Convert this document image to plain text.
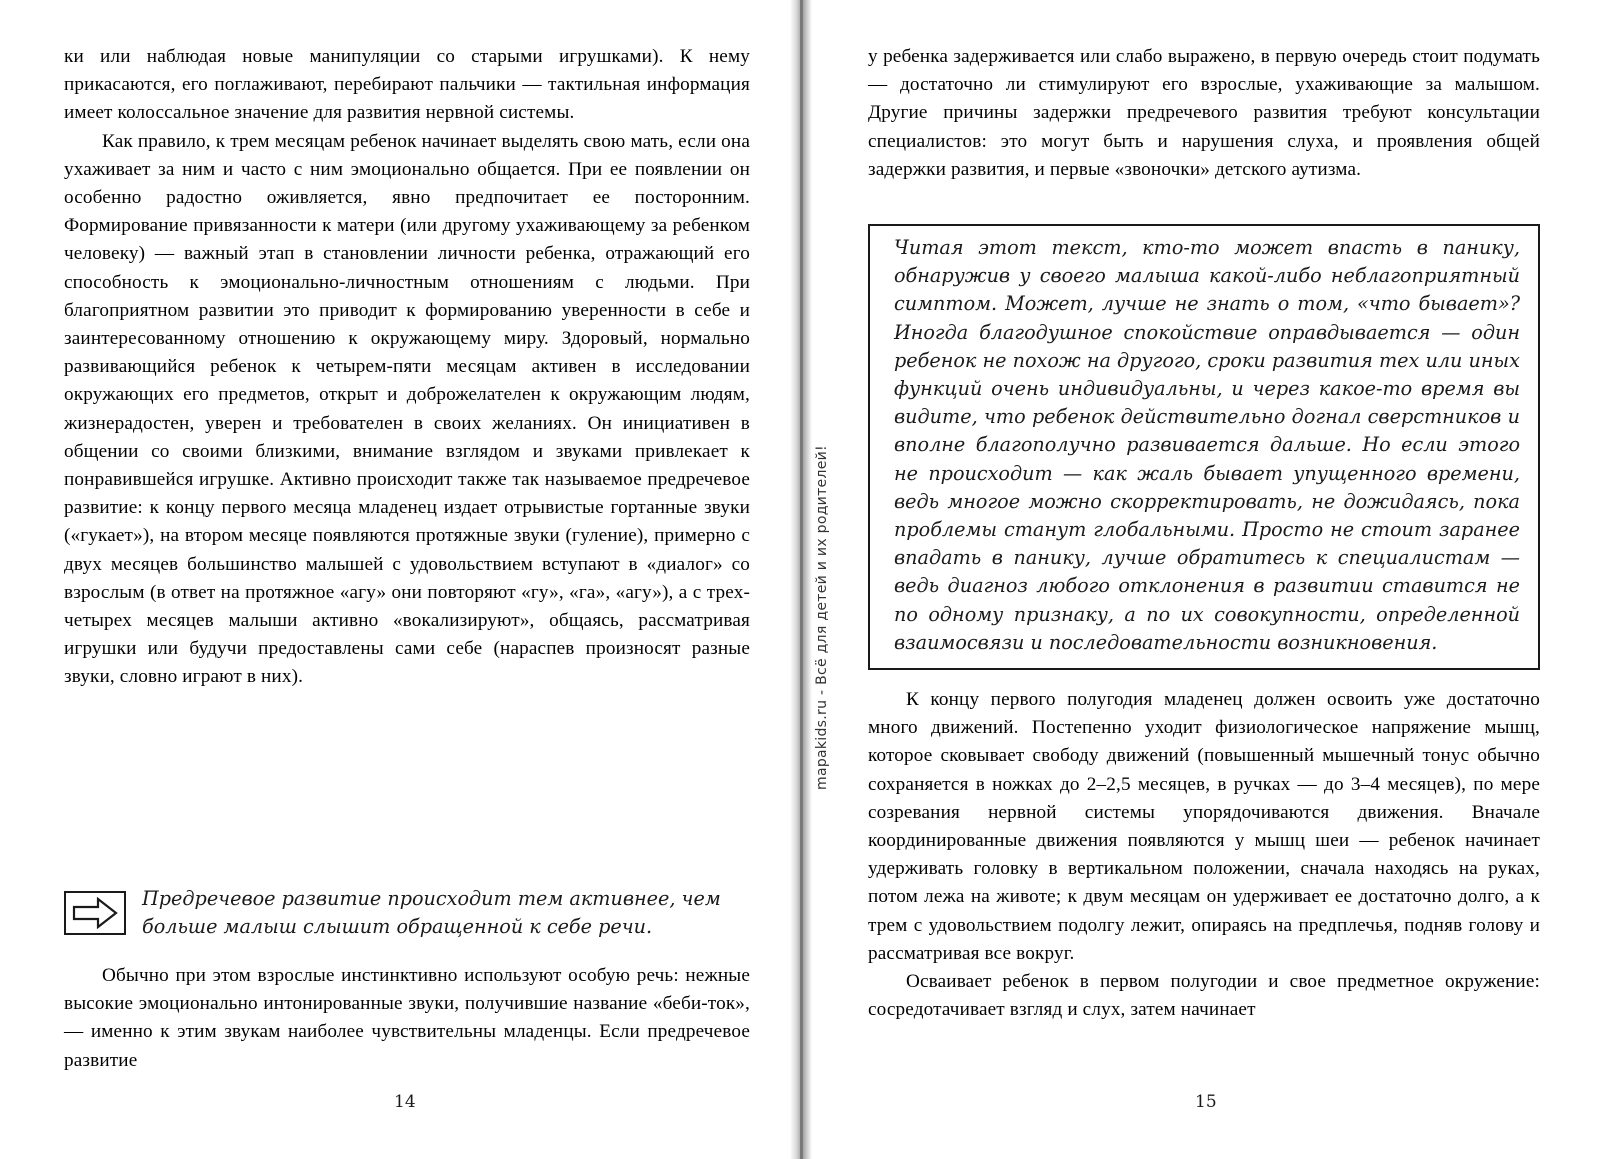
ки или наблюдая новые манипуляции со старыми игрушками). К нему прикасаются, его поглаживают, перебирают пальчики — тактильная информация имеет колоссальное значение для развития нервной системы.

Как правило, к трем месяцам ребенок начинает выделять свою мать, если она ухаживает за ним и часто с ним эмоционально общается. При ее появлении он особенно радостно оживляется, явно предпочитает ее посторонним. Формирование привязанности к матери (или другому ухаживающему за ребенком человеку) — важный этап в становлении личности ребенка, отражающий его способность к эмоционально-личностным отношениям с людьми. При благоприятном развитии это приводит к формированию уверенности в себе и заинтересованному отношению к окружающему миру. Здоровый, нормально развивающийся ребенок к четырем-пяти месяцам активен в исследовании окружающих его предметов, открыт и доброжелателен к окружающим людям, жизнерадостен, уверен и требователен в своих желаниях. Он инициативен в общении со своими близкими, внимание взглядом и звуками привлекает к понравившейся игрушке. Активно происходит также так называемое предречевое развитие: к концу первого месяца младенец издает отрывистые гортанные звуки («гукает»), на втором месяце появляются протяжные звуки (гуление), примерно с двух месяцев большинство малышей с удовольствием вступают в «диалог» со взрослым (в ответ на протяжное «агу» они повторяют «гу», «га», «агу»), а с трех-четырех месяцев малыши активно «вокализируют», общаясь, рассматривая игрушки или будучи предоставлены сами себе (нараспев произносят разные звуки, словно играют в них).

Предречевое развитие происходит тем активнее, чем больше малыш слышит обращенной к себе речи.

Обычно при этом взрослые инстинктивно используют особую речь: нежные высокие эмоционально интонированные звуки, получившие название «беби-ток», — именно к этим звукам наиболее чувствительны младенцы. Если предречевое развитие

14
mapakids.ru - Всё для детей и их родителей!

у ребенка задерживается или слабо выражено, в первую очередь стоит подумать — достаточно ли стимулируют его взрослые, ухаживающие за малышом. Другие причины задержки предречевого развития требуют консультации специалистов: это могут быть и нарушения слуха, и проявления общей задержки развития, и первые «звоночки» детского аутизма.

Читая этот текст, кто-то может впасть в панику, обнаружив у своего малыша какой-либо неблагоприятный симптом. Может, лучше не знать о том, «что бывает»? Иногда благодушное спокойствие оправдывается — один ребенок не похож на другого, сроки развития тех или иных функций очень индивидуальны, и через какое-то время вы видите, что ребенок действительно догнал сверстников и вполне благополучно развивается дальше. Но если этого не происходит — как жаль бывает упущенного времени, ведь многое можно скорректировать, не дожидаясь, пока проблемы станут глобальными. Просто не стоит заранее впадать в панику, лучше обратитесь к специалистам — ведь диагноз любого отклонения в развитии ставится не по одному признаку, а по их совокупности, определенной взаимосвязи и последовательности возникновения.

К концу первого полугодия младенец должен освоить уже достаточно много движений. Постепенно уходит физиологическое напряжение мышц, которое сковывает свободу движений (повышенный мышечный тонус обычно сохраняется в ножках до 2–2,5 месяцев, в ручках — до 3–4 месяцев), по мере созревания нервной системы упорядочиваются движения. Вначале координированные движения появляются у мышц шеи — ребенок начинает удерживать головку в вертикальном положении, сначала находясь на руках, потом лежа на животе; к двум месяцам он удерживает ее достаточно долго, а к трем с удовольствием подолгу лежит, опираясь на предплечья, подняв голову и рассматривая все вокруг.

Осваивает ребенок в первом полугодии и свое предметное окружение: сосредотачивает взгляд и слух, затем начинает

15
